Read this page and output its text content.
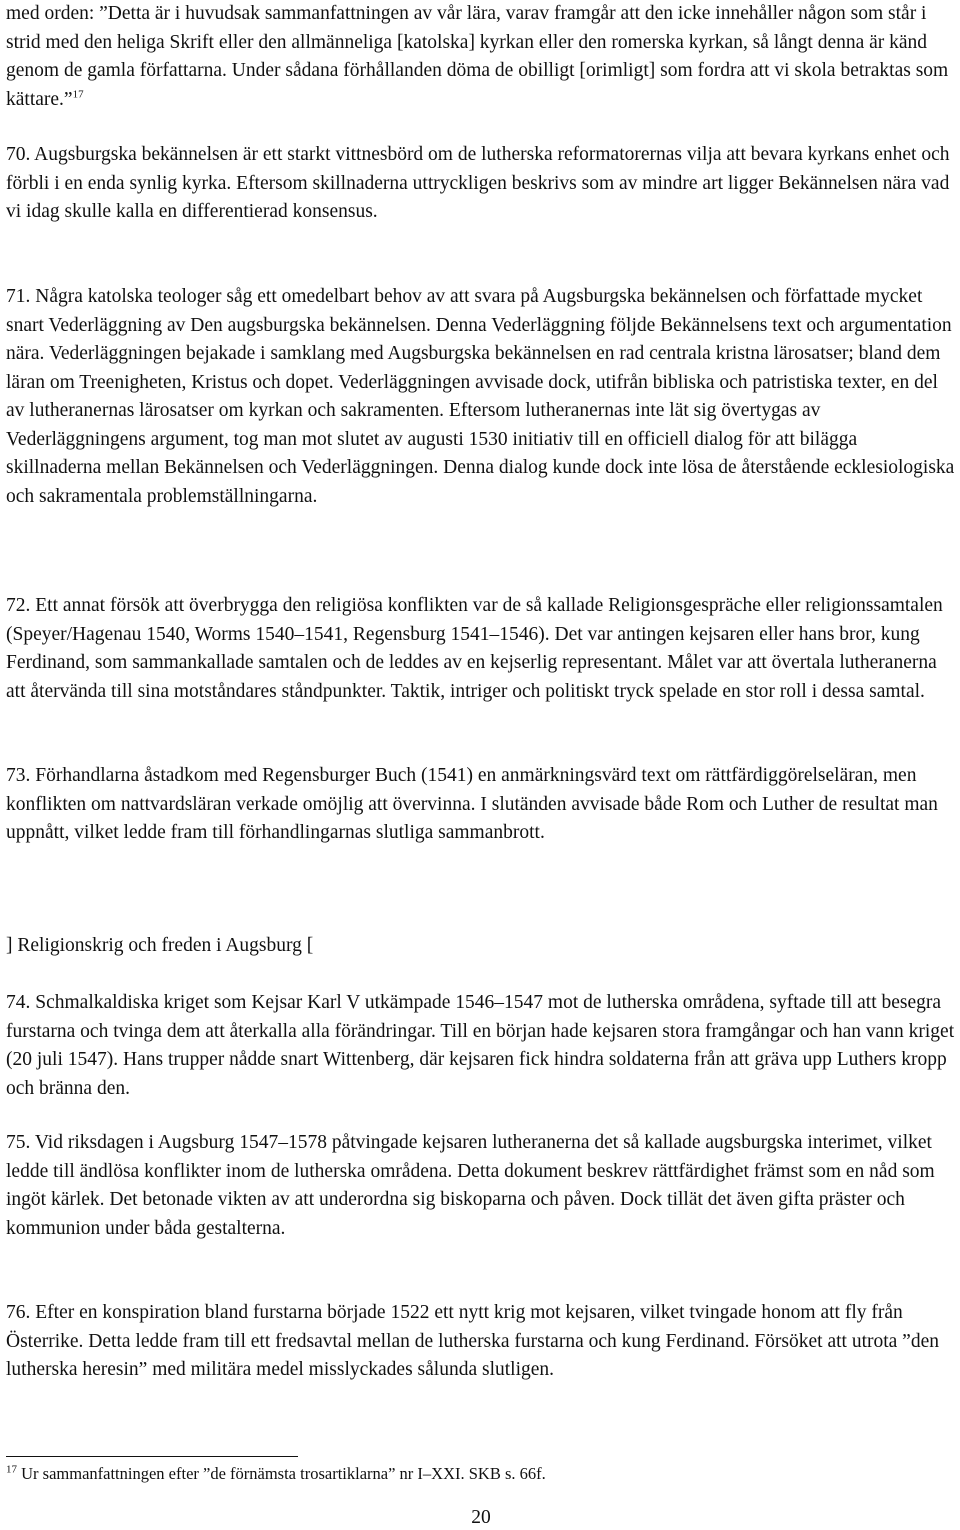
med orden: ”Detta är i huvudsak sammanfattningen av vår lära, varav framgår att den icke innehåller någon som står i strid med den heliga Skrift eller den allmänneliga [katolska] kyrkan eller den romerska kyrkan, så långt denna är känd genom de gamla författarna. Under sådana förhållanden döma de obilligt [orimligt] som fordra att vi skola betraktas som kättare.”$^{17}$

70. Augsburgska bekännelsen är ett starkt vittnesbörd om de lutherska reformatorernas vilja att bevara kyrkans enhet och förbli i en enda synlig kyrka. Eftersom skillnaderna uttryckligen beskrivs som av mindre art ligger Bekännelsen nära vad vi idag skulle kalla en differentierad konsensus.

71. Några katolska teologer såg ett omedelbart behov av att svara på Augsburgska bekännelsen och författade mycket snart Vederläggning av Den augsburgska bekännelsen. Denna Vederläggning följde Bekännelsens text och argumentation nära. Vederläggningen bejakade i samklang med Augsburgska bekännelsen en rad centrala kristna lärosatser; bland dem läran om Treenigheten, Kristus och dopet. Vederläggningen avvisade dock, utifrån bibliska och patristiska texter, en del av lutheranernas lärosatser om kyrkan och sakramenten. Eftersom lutheranernas inte lät sig övertygas av Vederläggningens argument, tog man mot slutet av augusti 1530 initiativ till en officiell dialog för att bilägga skillnaderna mellan Bekännelsen och Vederläggningen. Denna dialog kunde dock inte lösa de återstående ecklesiologiska och sakramentala problemställningarna.

72. Ett annat försök att överbrygga den religiösa konflikten var de så kallade Religionsgespräche eller religionssamtalen (Speyer/Hagenau 1540, Worms 1540–1541, Regensburg 1541–1546). Det var antingen kejsaren eller hans bror, kung Ferdinand, som sammankallade samtalen och de leddes av en kejserlig representant. Målet var att övertala lutheranerna att återvända till sina motståndares ståndpunkter. Taktik, intriger och politiskt tryck spelade en stor roll i dessa samtal.

73. Förhandlarna åstadkom med Regensburger Buch (1541) en anmärkningsvärd text om rättfärdiggörelseläran, men konflikten om nattvardsläran verkade omöjlig att övervinna. I slutänden avvisade både Rom och Luther de resultat man uppnått, vilket ledde fram till förhandlingarnas slutliga sammanbrott.

] Religionskrig och freden i Augsburg [

74. Schmalkaldiska kriget som Kejsar Karl V utkämpade 1546–1547 mot de lutherska områdena, syftade till att besegra furstarna och tvinga dem att återkalla alla förändringar. Till en början hade kejsaren stora framgångar och han vann kriget (20 juli 1547). Hans trupper nådde snart Wittenberg, där kejsaren fick hindra soldaterna från att gräva upp Luthers kropp och bränna den.

75. Vid riksdagen i Augsburg 1547–1578 påtvingade kejsaren lutheranerna det så kallade augsburgska interimet, vilket ledde till ändlösa konflikter inom de lutherska områdena. Detta dokument beskrev rättfärdighet främst som en nåd som ingöt kärlek. Det betonade vikten av att underordna sig biskoparna och påven. Dock tillät det även gifta präster och kommunion under båda gestalterna.

76. Efter en konspiration bland furstarna började 1522 ett nytt krig mot kejsaren, vilket tvingade honom att fly från Österrike. Detta ledde fram till ett fredsavtal mellan de lutherska furstarna och kung Ferdinand. Försöket att utrota ”den lutherska heresin” med militära medel misslyckades sålunda slutligen.

$^{17}$ Ur sammanfattningen efter ”de förnämsta trosartiklarna” nr I–XXI. SKB s. 66f.

20
